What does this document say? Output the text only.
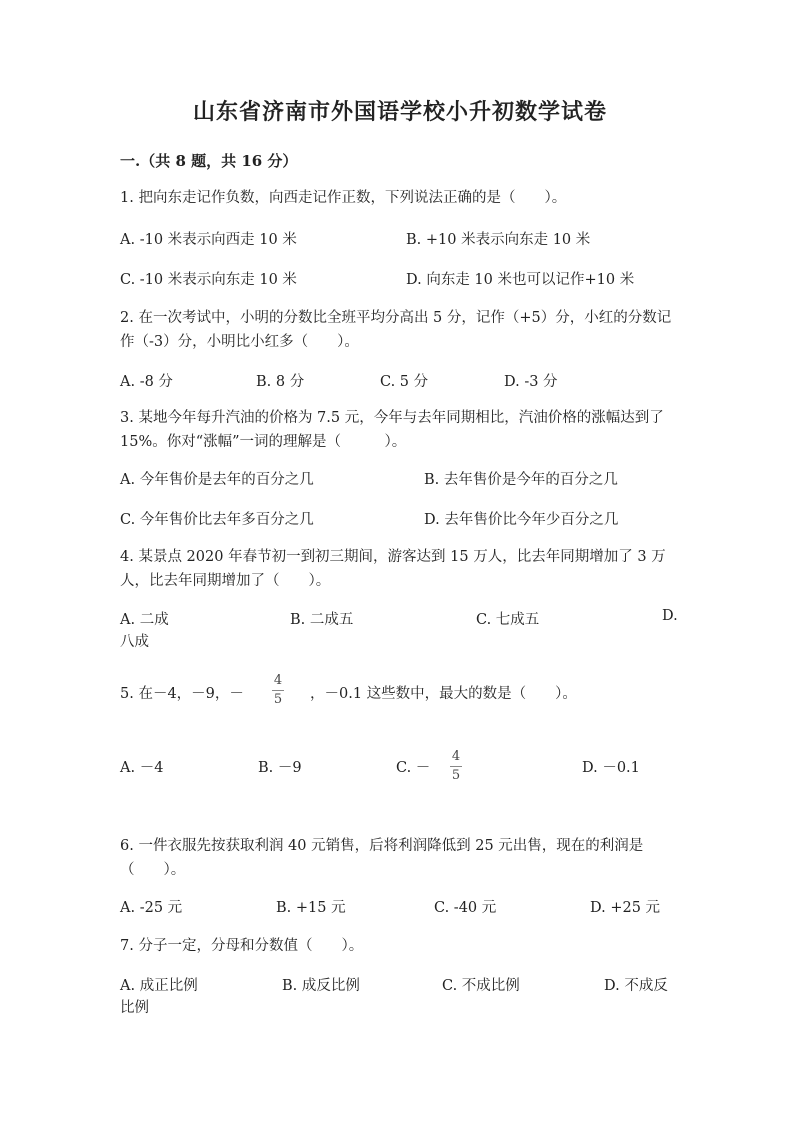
山东省济南市外国语学校小升初数学试卷
一.（共 8 题，共 16 分）
1. 把向东走记作负数，向西走记作正数，下列说法正确的是（　　）。
A. -10 米表示向西走 10 米	B. +10 米表示向东走 10 米
C. -10 米表示向东走 10 米	D. 向东走 10 米也可以记作+10 米
2. 在一次考试中，小明的分数比全班平均分高出 5 分，记作（+5）分，小红的分数记作（-3）分，小明比小红多（　　）。
A. -8 分	B. 8 分	C. 5 分	D. -3 分
3. 某地今年每升汽油的价格为 7.5 元，今年与去年同期相比，汽油价格的涨幅达到了 15%。你对“涨幅”一词的理解是（　　　）。
A. 今年售价是去年的百分之几	B. 去年售价是今年的百分之几
C. 今年售价比去年多百分之几	D. 去年售价比今年少百分之几
4. 某景点 2020 年春节初一到初三期间，游客达到 15 万人，比去年同期增加了 3 万人，比去年同期增加了（　　）。
A. 二成	B. 二成五	C. 七成五	D.
八成
5. 在－4，－9，－
4
5 ，－0.1 这些数中，最大的数是（　　）。
A. －4	B. －9	C. －
4
5	D. －0.1
6. 一件衣服先按获取利润 40 元销售，后将利润降低到 25 元出售，现在的利润是（　　）。
A. -25 元	B. +15 元	C. -40 元	D. +25 元
7. 分子一定，分母和分数值（　　）。
A. 成正比例	B. 成反比例	C. 不成比例	D. 不成反
比例
